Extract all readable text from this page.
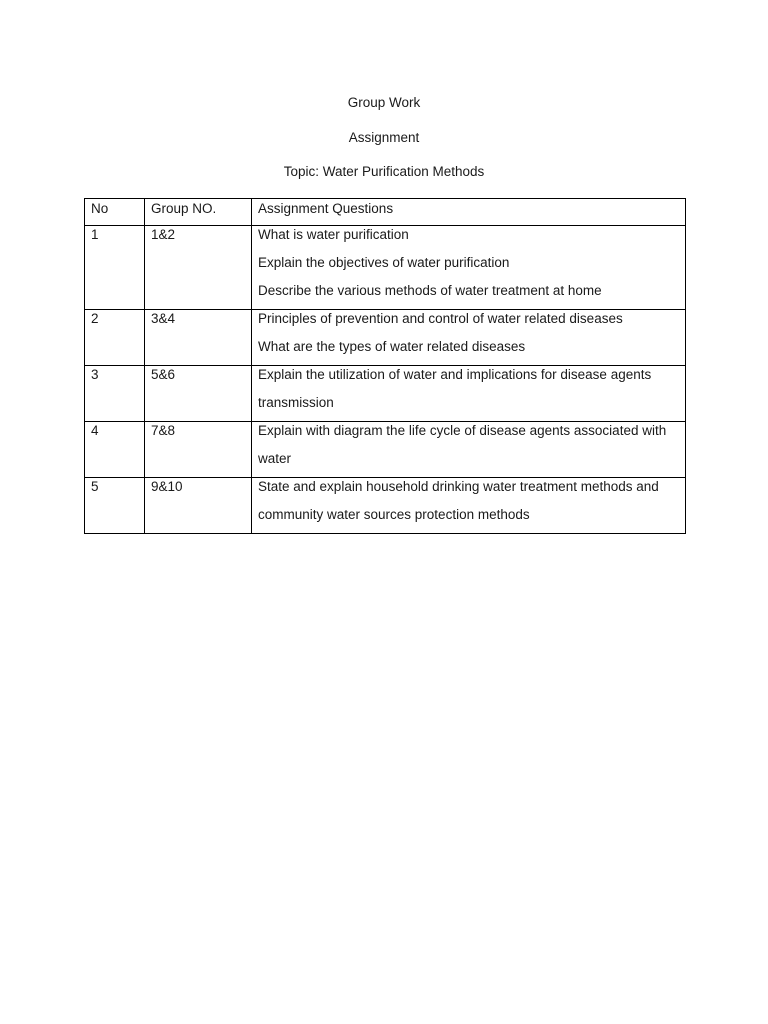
Group Work
Assignment
Topic: Water Purification Methods
No	Group NO.	Assignment Questions

1	1&2	What is water purification
Explain the objectives of water purification
Describe the various methods of water treatment at home

2	3&4	Principles of prevention and control of water related diseases
What are the types of water related diseases

3	5&6	Explain the utilization of water and implications for disease agents
transmission

4	7&8	Explain with diagram the life cycle of disease agents associated with
water

5	9&10	State and explain household drinking water treatment methods and
community water sources protection methods
